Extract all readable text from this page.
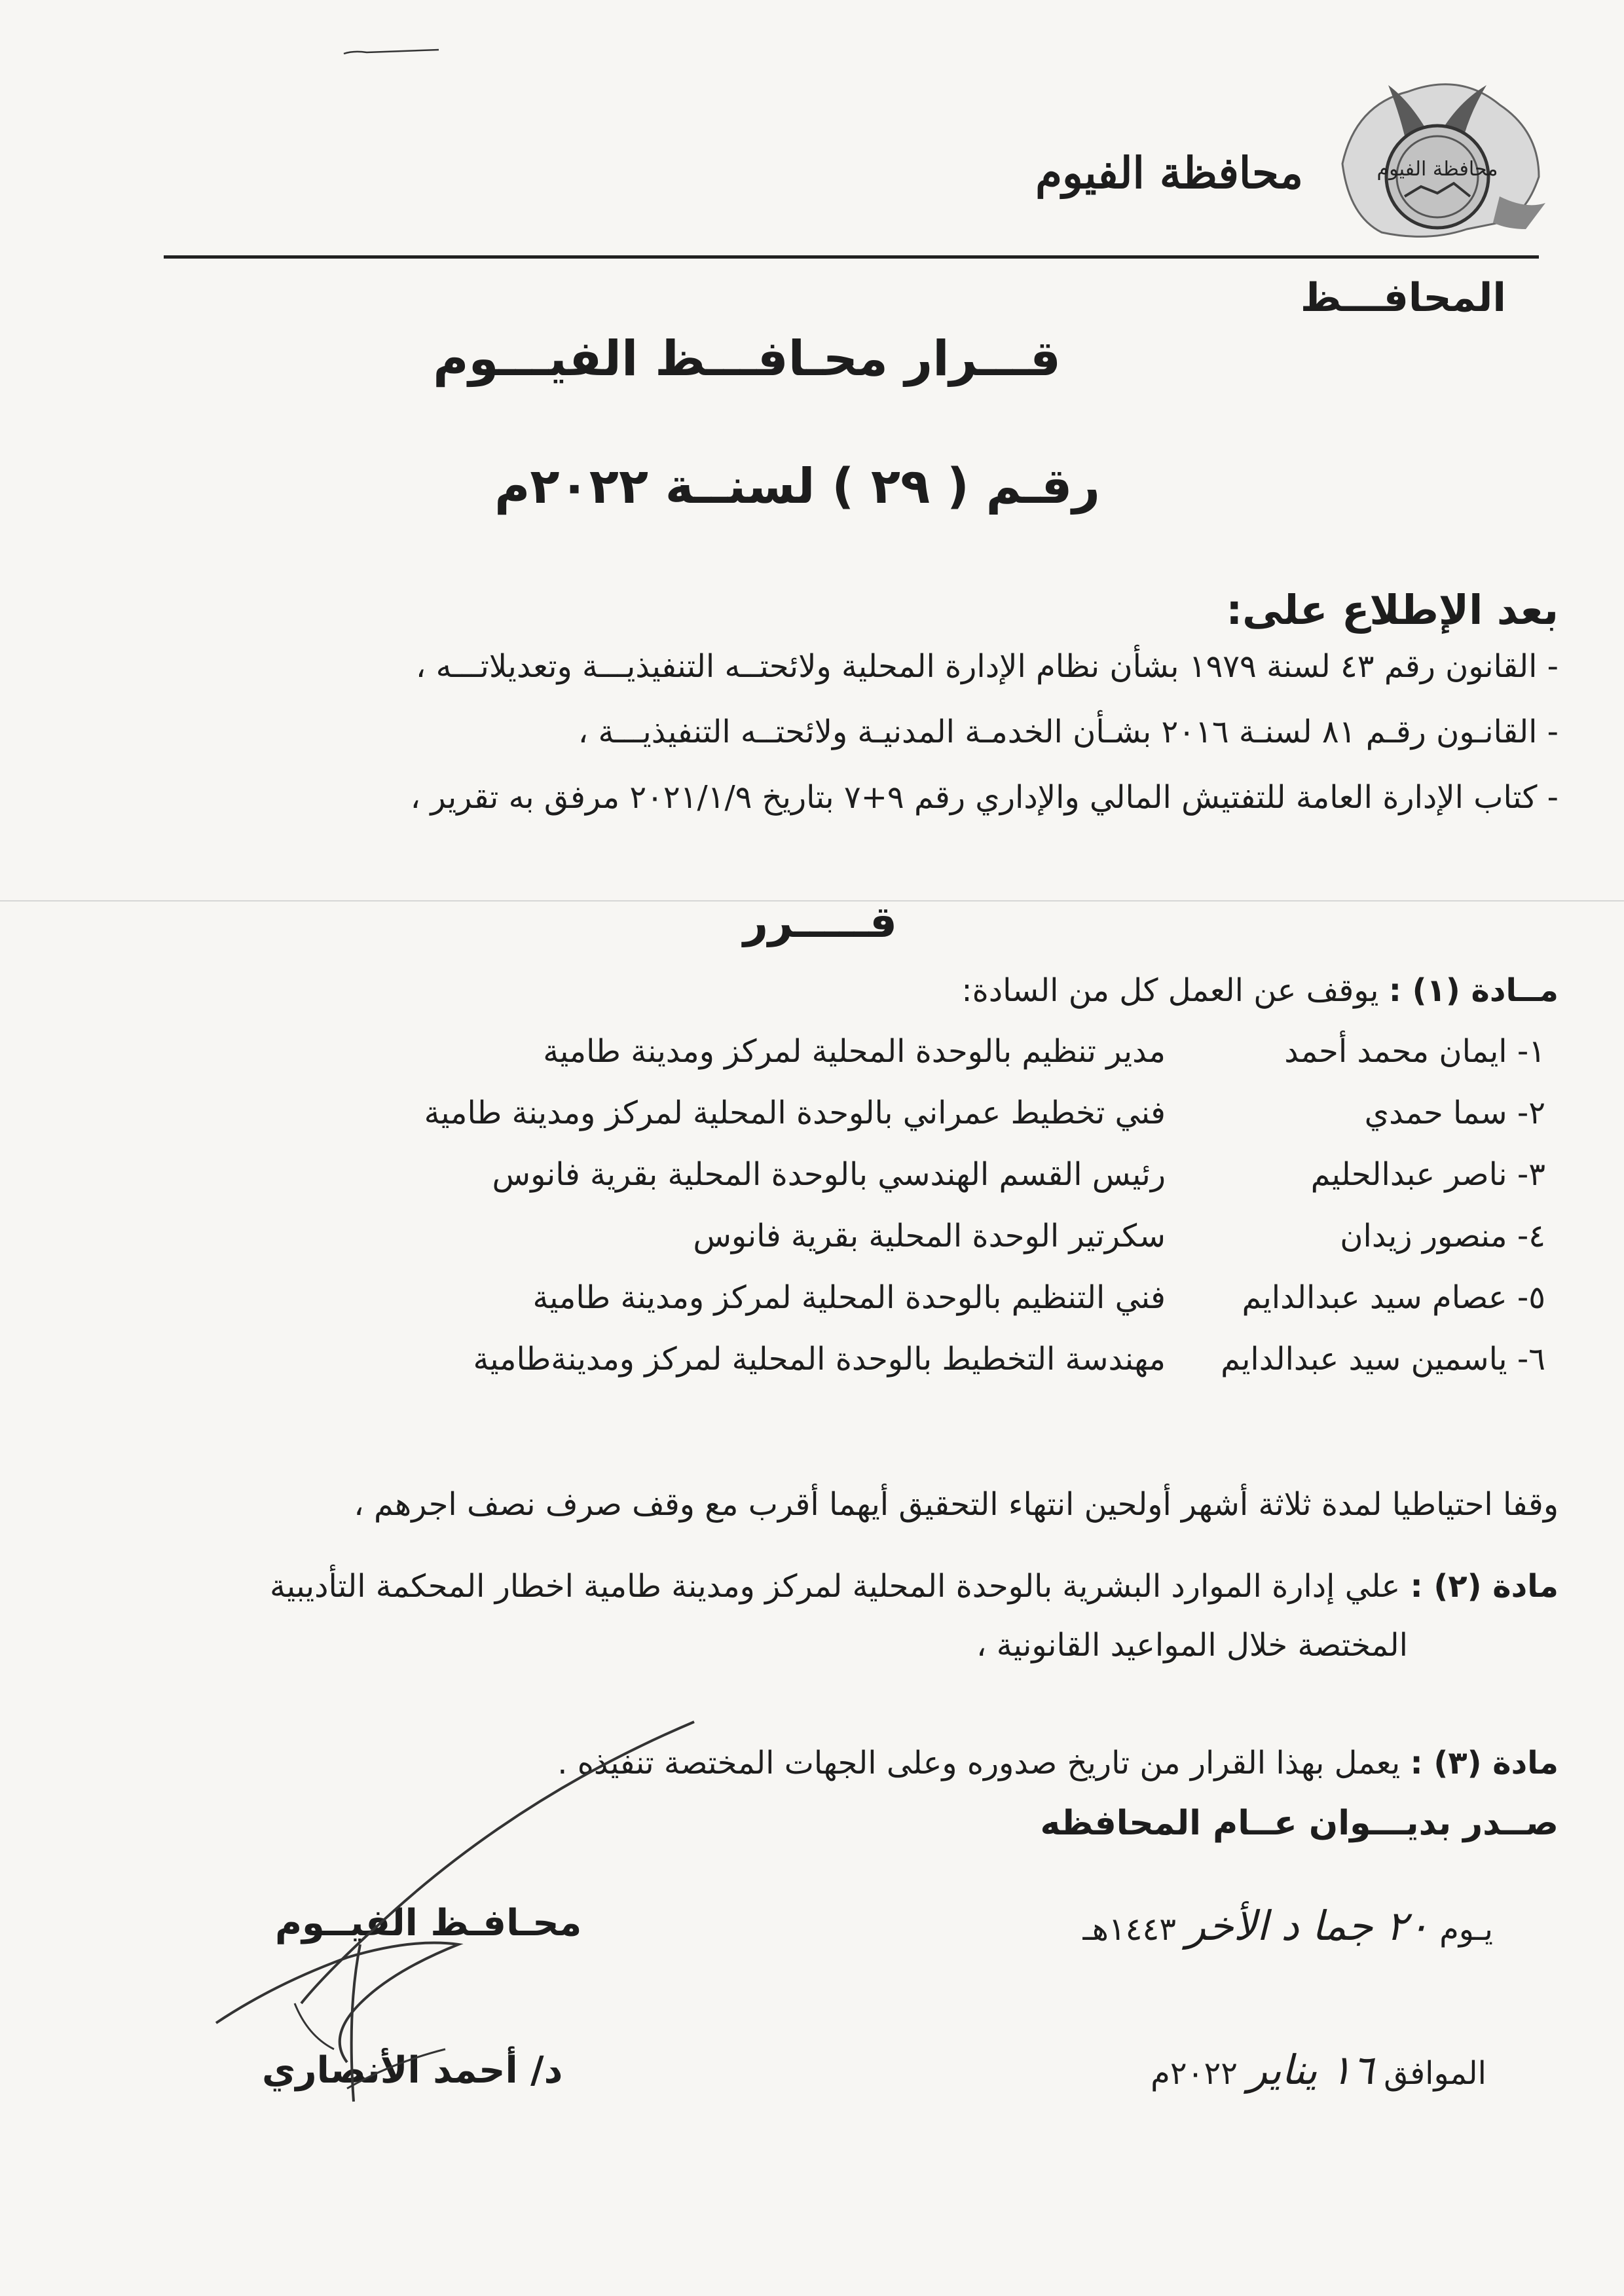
محافظة الفيوم
محافظة الفيوم
المحافـــظ
قـــرار محـافـــظ الفيـــوم
رقـم ( ٢٩ ) لسنــة ٢٠٢٢م
بعد الإطلاع على:
- القانون رقم ٤٣ لسنة ١٩٧٩ بشأن نظام الإدارة المحلية ولائحتــه التنفيذيـــة وتعديلاتـــه ،
- القانـون رقـم ٨١ لسنـة ٢٠١٦ بشـأن الخدمـة المدنيـة ولائحتــه التنفيذيـــة ،
- كتاب الإدارة العامة للتفتيش المالي والإداري رقم ٩+٧ بتاريخ ٢٠٢١/١/٩ مرفق به تقرير ،
قـــــرر
مــادة (١) : يوقف عن العمل كل من السادة:
١- ايمان محمد أحمد
مدير تنظيم بالوحدة المحلية لمركز ومدينة طامية
٢- سما حمدي
فني تخطيط عمراني بالوحدة المحلية لمركز ومدينة طامية
٣- ناصر عبدالحليم
رئيس القسم الهندسي بالوحدة المحلية بقرية فانوس
٤- منصور زيدان
سكرتير الوحدة المحلية بقرية فانوس
٥- عصام سيد عبدالدايم
فني التنظيم بالوحدة المحلية لمركز ومدينة طامية
٦- ياسمين سيد عبدالدايم
مهندسة التخطيط بالوحدة المحلية لمركز ومدينةطامية
وقفا احتياطيا لمدة ثلاثة أشهر أولحين انتهاء التحقيق أيهما أقرب مع وقف صرف نصف اجرهم ،
مادة (٢) : علي إدارة الموارد البشرية بالوحدة المحلية لمركز ومدينة طامية اخطار المحكمة التأديبية
المختصة خلال المواعيد القانونية ،
مادة (٣) : يعمل بهذا القرار من تاريخ صدوره وعلى الجهات المختصة تنفيذه .
صــدر بديـــوان عــام المحافظه
يـوم ٢٠ جما د الأخر ١٤٤٣هـ
الموافق ١٦ يناير ٢٠٢٢م
محـافـظ الفيــوم
د/ أحمد الأنصاري
